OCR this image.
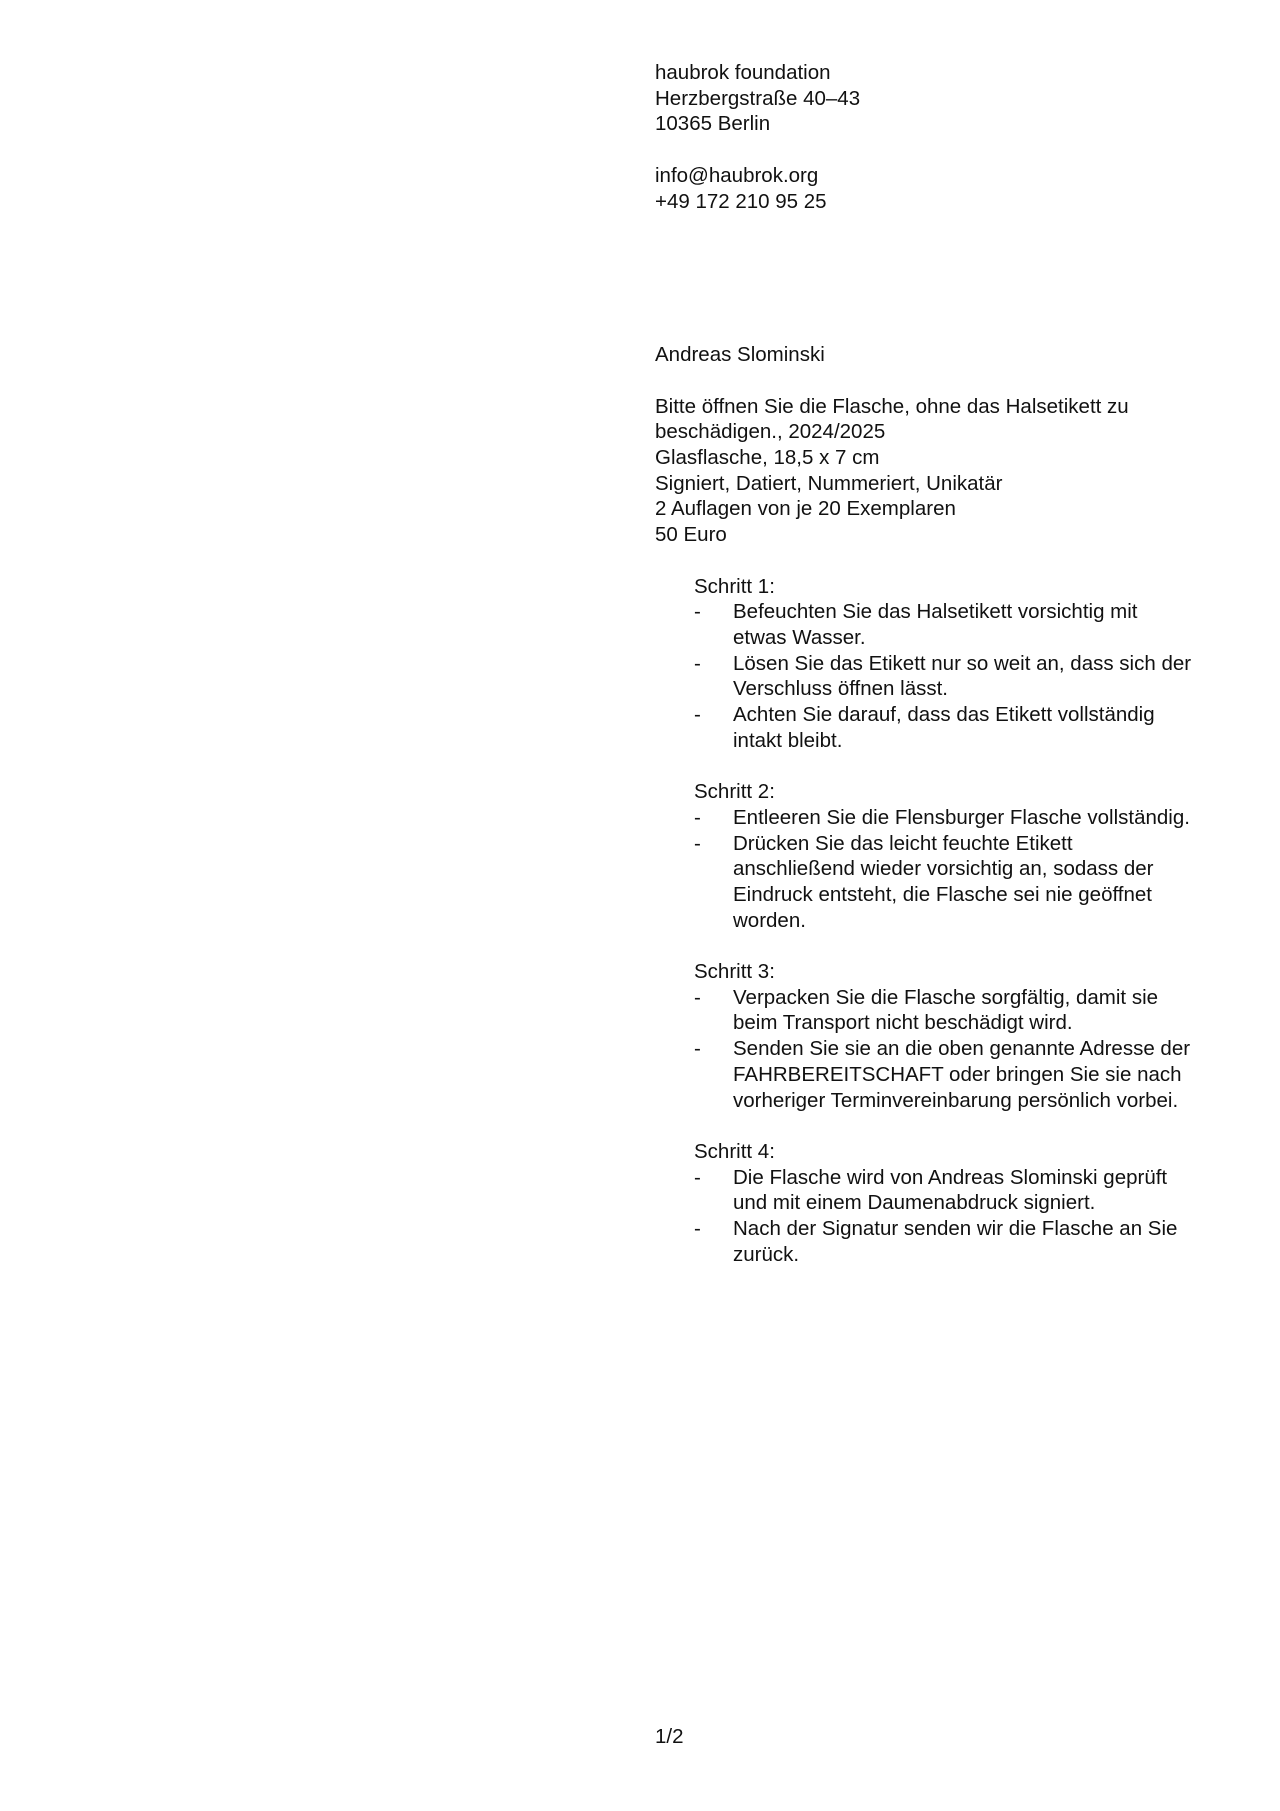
haubrok foundation
Herzbergstraße 40–43
10365 Berlin
info@haubrok.org
+49 172 210 95 25
Andreas Slominski
Bitte öffnen Sie die Flasche, ohne das Halsetikett zu
beschädigen., 2024/2025
Glasflasche, 18,5 x 7 cm
Signiert, Datiert, Nummeriert, Unikatär
2 Auflagen von je 20 Exemplaren
50 Euro
Schritt 1:
- Befeuchten Sie das Halsetikett vorsichtig mit
etwas Wasser.
- Lösen Sie das Etikett nur so weit an, dass sich der
Verschluss öffnen lässt.
- Achten Sie darauf, dass das Etikett vollständig
intakt bleibt.
Schritt 2:
- Entleeren Sie die Flensburger Flasche vollständig.
- Drücken Sie das leicht feuchte Etikett
anschließend wieder vorsichtig an, sodass der
Eindruck entsteht, die Flasche sei nie geöffnet
worden.
Schritt 3:
- Verpacken Sie die Flasche sorgfältig, damit sie
beim Transport nicht beschädigt wird.
- Senden Sie sie an die oben genannte Adresse der
FAHRBEREITSCHAFT oder bringen Sie sie nach
vorheriger Terminvereinbarung persönlich vorbei.
Schritt 4:
- Die Flasche wird von Andreas Slominski geprüft
und mit einem Daumenabdruck signiert.
- Nach der Signatur senden wir die Flasche an Sie
zurück.
1/2
